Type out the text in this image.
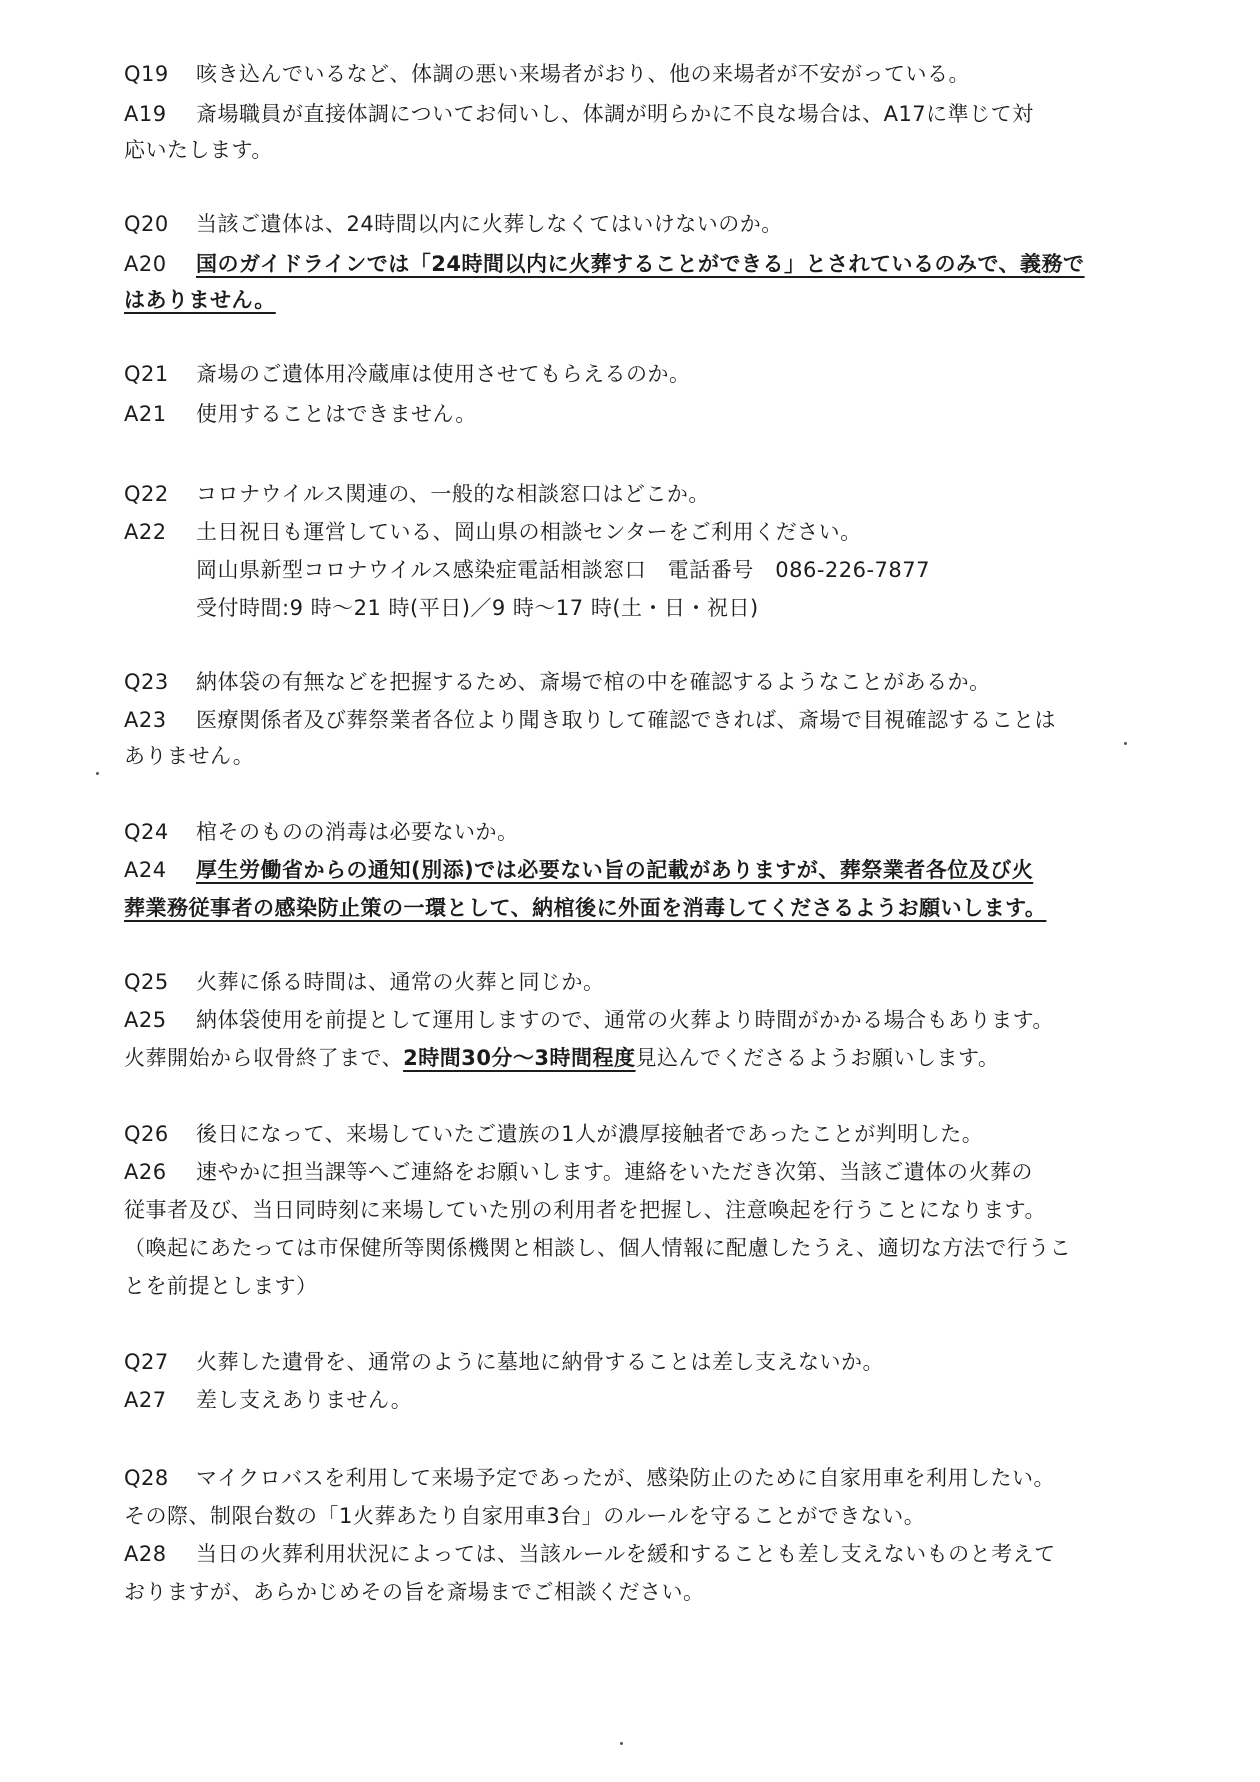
Q19 咳き込んでいるなど、体調の悪い来場者がおり、他の来場者が不安がっている。
A19 斎場職員が直接体調についてお伺いし、体調が明らかに不良な場合は、A17に準じて対
応いたします。
Q20 当該ご遺体は、24時間以内に火葬しなくてはいけないのか。
A20 国のガイドラインでは「24時間以内に火葬することができる」とされているのみで、義務で
はありません。
Q21 斎場のご遺体用冷蔵庫は使用させてもらえるのか。
A21 使用することはできません。
Q22 コロナウイルス関連の、一般的な相談窓口はどこか。
A22 土日祝日も運営している、岡山県の相談センターをご利用ください。
岡山県新型コロナウイルス感染症電話相談窓口　電話番号　086-226-7877
受付時間:9 時～21 時(平日)／9 時～17 時(土・日・祝日)
Q23 納体袋の有無などを把握するため、斎場で棺の中を確認するようなことがあるか。
A23 医療関係者及び葬祭業者各位より聞き取りして確認できれば、斎場で目視確認することは
ありません。
Q24 棺そのものの消毒は必要ないか。
A24 厚生労働省からの通知(別添)では必要ない旨の記載がありますが、葬祭業者各位及び火
葬業務従事者の感染防止策の一環として、納棺後に外面を消毒してくださるようお願いします。
Q25 火葬に係る時間は、通常の火葬と同じか。
A25 納体袋使用を前提として運用しますので、通常の火葬より時間がかかる場合もあります。
火葬開始から収骨終了まで、2時間30分～3時間程度見込んでくださるようお願いします。
Q26 後日になって、来場していたご遺族の1人が濃厚接触者であったことが判明した。
A26 速やかに担当課等へご連絡をお願いします。連絡をいただき次第、当該ご遺体の火葬の
従事者及び、当日同時刻に来場していた別の利用者を把握し、注意喚起を行うことになります。
（喚起にあたっては市保健所等関係機関と相談し、個人情報に配慮したうえ、適切な方法で行うこ
とを前提とします）
Q27 火葬した遺骨を、通常のように墓地に納骨することは差し支えないか。
A27 差し支えありません。
Q28 マイクロバスを利用して来場予定であったが、感染防止のために自家用車を利用したい。
その際、制限台数の「1火葬あたり自家用車3台」のルールを守ることができない。
A28 当日の火葬利用状況によっては、当該ルールを緩和することも差し支えないものと考えて
おりますが、あらかじめその旨を斎場までご相談ください。
